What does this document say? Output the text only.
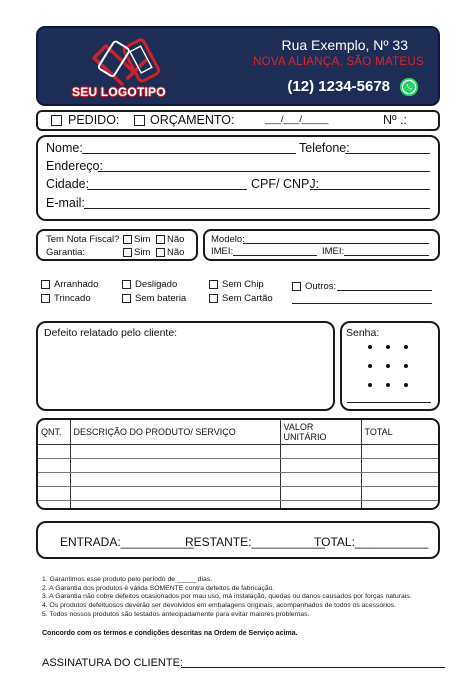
SEU LOGOTIPO
Rua Exemplo, Nº 33
NOVA ALIANÇA, SÃO MATEUS
(12) 1234-5678
PEDIDO: ORÇAMENTO:	___/___/_____	Nº .:
Nome:	Telefone:
Endereço:
Cidade:	CPF/ CNPJ:
E-mail:
Tem Nota Fiscal? Sim Não
Garantia:	Sim Não
Modelo:
IMEI:	IMEI:
Arranhado
Trincado
Desligado
Sem bateria
Sem Chip
Sem Cartão
Outros:
Defeito relatado pelo cliente:	Senha:
QNT.	DESCRIÇÃO DO PRODUTO/ SERVIÇO	VALOR UNITÁRIO	TOTAL

ENTRADA:___________
RESTANTE:___________
TOTAL:___________
1. Garantimos esse produto pelo período de _____ dias.
2. A Garantia dos produtos é válida SOMENTE contra defeitos de fabricação.
3. A Garantia não cobre defeitos ocasionados por mau uso, má instalação, quedas ou danos causados por forças naturais.
4. Os produtos defeituosos deverão ser devolvidos em embalagens originais, acompanhados de todos os acessórios.
5. Todos nossos produtos são testados antecipadamente para evitar maiores problemas.
Concordo com os termos e condições descritas na Ordem de Serviço acima.
ASSINATURA DO CLIENTE:
